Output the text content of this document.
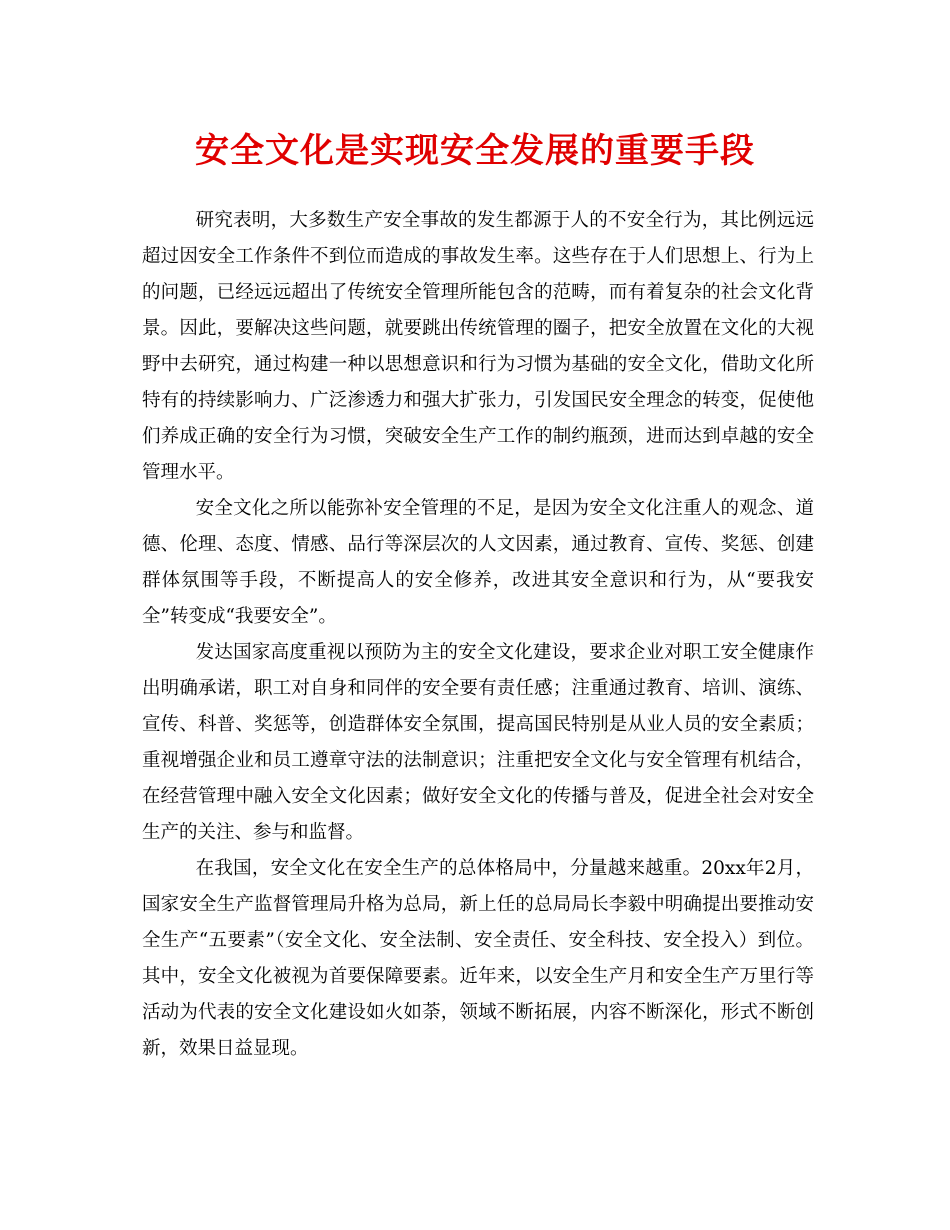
安全文化是实现安全发展的重要手段

研究表明，大多数生产安全事故的发生都源于人的不安全行为，其比例远远超过因安全工作条件不到位而造成的事故发生率。这些存在于人们思想上、行为上的问题，已经远远超出了传统安全管理所能包含的范畴，而有着复杂的社会文化背景。因此，要解决这些问题，就要跳出传统管理的圈子，把安全放置在文化的大视野中去研究，通过构建一种以思想意识和行为习惯为基础的安全文化，借助文化所特有的持续影响力、广泛渗透力和强大扩张力，引发国民安全理念的转变，促使他们养成正确的安全行为习惯，突破安全生产工作的制约瓶颈，进而达到卓越的安全管理水平。

安全文化之所以能弥补安全管理的不足，是因为安全文化注重人的观念、道德、伦理、态度、情感、品行等深层次的人文因素，通过教育、宣传、奖惩、创建群体氛围等手段，不断提高人的安全修养，改进其安全意识和行为，从“要我安全”转变成“我要安全”。

发达国家高度重视以预防为主的安全文化建设，要求企业对职工安全健康作出明确承诺，职工对自身和同伴的安全要有责任感；注重通过教育、培训、演练、宣传、科普、奖惩等，创造群体安全氛围，提高国民特别是从业人员的安全素质；重视增强企业和员工遵章守法的法制意识；注重把安全文化与安全管理有机结合，在经营管理中融入安全文化因素；做好安全文化的传播与普及，促进全社会对安全生产的关注、参与和监督。

在我国，安全文化在安全生产的总体格局中，分量越来越重。20xx年2月，国家安全生产监督管理局升格为总局，新上任的总局局长李毅中明确提出要推动安全生产“五要素”（安全文化、安全法制、安全责任、安全科技、安全投入）到位。其中，安全文化被视为首要保障要素。近年来，以安全生产月和安全生产万里行等活动为代表的安全文化建设如火如荼，领域不断拓展，内容不断深化，形式不断创新，效果日益显现。
